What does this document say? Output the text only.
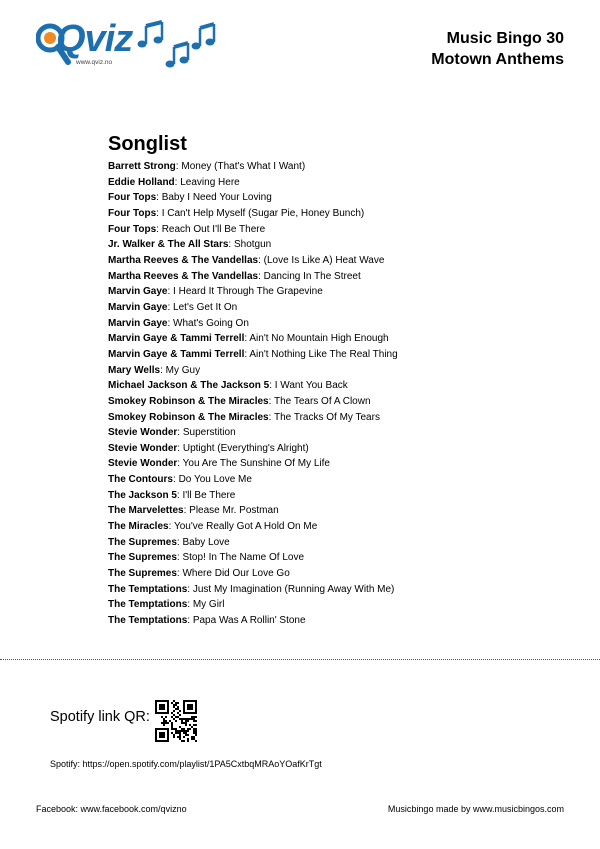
Qviz
www.qviz.no
Music Bingo 30
Motown Anthems
Songlist
Barrett Strong: Money (That's What I Want)
Eddie Holland: Leaving Here
Four Tops: Baby I Need Your Loving
Four Tops: I Can't Help Myself (Sugar Pie, Honey Bunch)
Four Tops: Reach Out I'll Be There
Jr. Walker & The All Stars: Shotgun
Martha Reeves & The Vandellas: (Love Is Like A) Heat Wave
Martha Reeves & The Vandellas: Dancing In The Street
Marvin Gaye: I Heard It Through The Grapevine
Marvin Gaye: Let's Get It On
Marvin Gaye: What's Going On
Marvin Gaye & Tammi Terrell: Ain't No Mountain High Enough
Marvin Gaye & Tammi Terrell: Ain't Nothing Like The Real Thing
Mary Wells: My Guy
Michael Jackson & The Jackson 5: I Want You Back
Smokey Robinson & The Miracles: The Tears Of A Clown
Smokey Robinson & The Miracles: The Tracks Of My Tears
Stevie Wonder: Superstition
Stevie Wonder: Uptight (Everything's Alright)
Stevie Wonder: You Are The Sunshine Of My Life
The Contours: Do You Love Me
The Jackson 5: I'll Be There
The Marvelettes: Please Mr. Postman
The Miracles: You've Really Got A Hold On Me
The Supremes: Baby Love
The Supremes: Stop! In The Name Of Love
The Supremes: Where Did Our Love Go
The Temptations: Just My Imagination (Running Away With Me)
The Temptations: My Girl
The Temptations: Papa Was A Rollin' Stone
Spotify link QR:
Spotify: https://open.spotify.com/playlist/1PA5CxtbqMRAoYOafKrTgt
Facebook: www.facebook.com/qvizno	Musicbingo made by www.musicbingos.com
